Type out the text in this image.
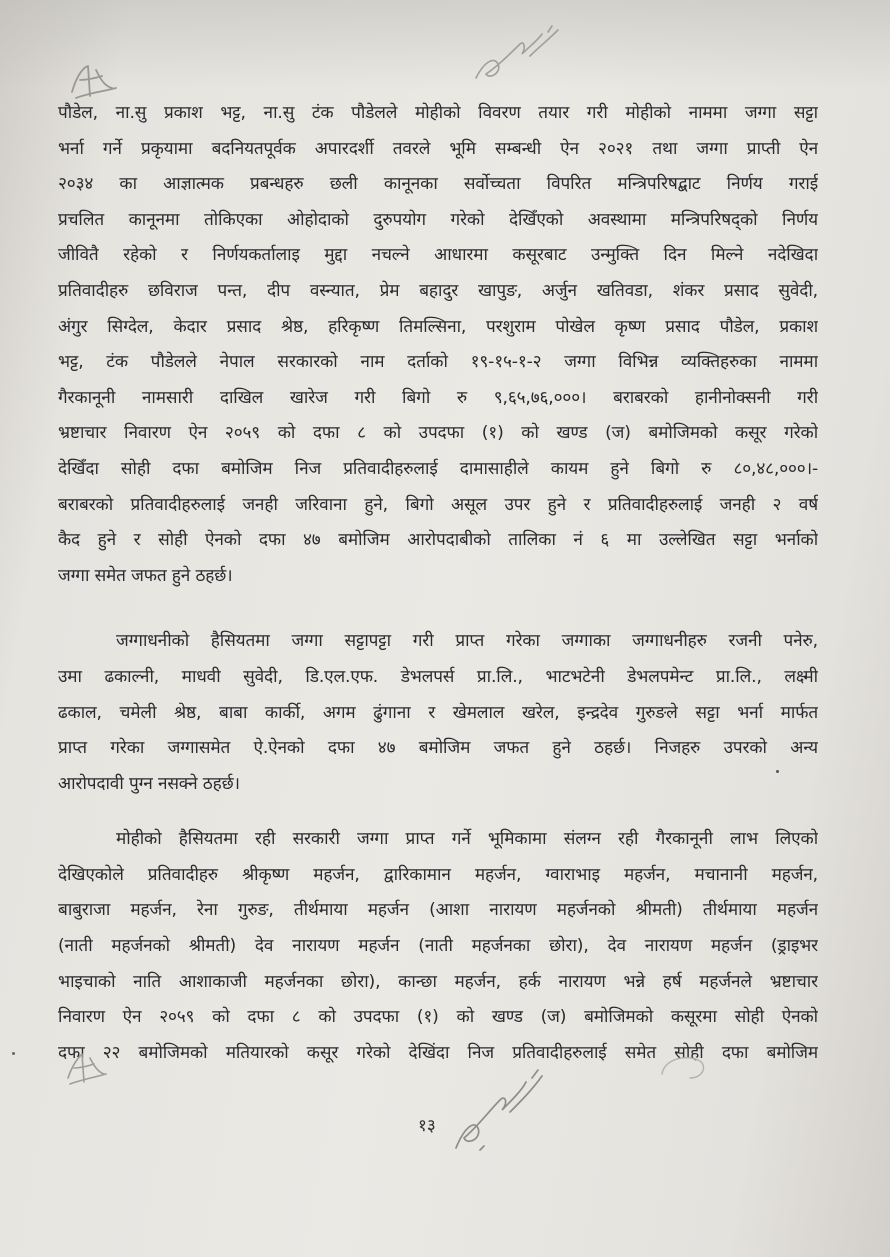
पौडेल, ना.सु प्रकाश भट्ट, ना.सु टंक पौडेलले मोहीको विवरण तयार गरी मोहीको नाममा जग्गा सट्टा
भर्ना गर्ने प्रकृयामा बदनियतपूर्वक अपारदर्शी तवरले भूमि सम्बन्धी ऐन २०२१ तथा जग्गा प्राप्ती ऐन
२०३४ का आज्ञात्मक प्रबन्धहरु छली कानूनका सर्वोच्चता विपरित मन्त्रिपरिषद्बाट निर्णय गराई
प्रचलित कानूनमा तोकिएका ओहोदाको दुरुपयोग गरेको देखिँएको अवस्थामा मन्त्रिपरिषद्को निर्णय
जीवितै रहेको र निर्णयकर्तालाइ मुद्दा नचल्ने आधारमा कसूरबाट उन्मुक्ति दिन मिल्ने नदेखिदा
प्रतिवादीहरु छविराज पन्त, दीप वस्न्यात, प्रेम बहादुर खापुङ, अर्जुन खतिवडा, शंकर प्रसाद सुवेदी,
अंगुर सिग्देल, केदार प्रसाद श्रेष्ठ, हरिकृष्ण तिमल्सिना, परशुराम पोखेल कृष्ण प्रसाद पौडेल, प्रकाश
भट्ट, टंक पौडेलले नेपाल सरकारको नाम दर्ताको १९-१५-१-२ जग्गा विभिन्न व्यक्तिहरुका नाममा
गैरकानूनी नामसारी दाखिल खारेज गरी बिगो रु ९,६५,७६,०००। बराबरको हानीनोक्सनी गरी
भ्रष्टाचार निवारण ऐन २०५९ को दफा ८ को उपदफा (१) को खण्ड (ज) बमोजिमको कसूर गरेको
देखिँदा सोही दफा बमोजिम निज प्रतिवादीहरुलाई दामासाहीले कायम हुने बिगो रु ८०,४८,०००।-
बराबरको प्रतिवादीहरुलाई जनही जरिवाना हुने, बिगो असूल उपर हुने र प्रतिवादीहरुलाई जनही २ वर्ष
कैद हुने र सोही ऐनको दफा ४७ बमोजिम आरोपदाबीको तालिका नं ६ मा उल्लेखित सट्टा भर्नाको
जग्गा समेत जफत हुने ठहर्छ।
जग्गाधनीको हैसियतमा जग्गा सट्टापट्टा गरी प्राप्त गरेका जग्गाका जग्गाधनीहरु रजनी पनेरु,
उमा ढकाल्नी, माधवी सुवेदी, डि.एल.एफ. डेभलपर्स प्रा.लि., भाटभटेनी डेभलपमेन्ट प्रा.लि., लक्ष्मी
ढकाल, चमेली श्रेष्ठ, बाबा कार्की, अगम ढुंगाना र खेमलाल खरेल, इन्द्रदेव गुरुङले सट्टा भर्ना मार्फत
प्राप्त गरेका जग्गासमेत ऐ.ऐनको दफा ४७ बमोजिम जफत हुने ठहर्छ। निजहरु उपरको अन्य
आरोपदावी पुग्न नसक्ने ठहर्छ।
मोहीको हैसियतमा रही सरकारी जग्गा प्राप्त गर्ने भूमिकामा संलग्न रही गैरकानूनी लाभ लिएको
देखिएकोले प्रतिवादीहरु श्रीकृष्ण महर्जन, द्वारिकामान महर्जन, ग्वाराभाइ महर्जन, मचानानी महर्जन,
बाबुराजा महर्जन, रेना गुरुङ, तीर्थमाया महर्जन (आशा नारायण महर्जनको श्रीमती) तीर्थमाया महर्जन
(नाती महर्जनको श्रीमती) देव नारायण महर्जन (नाती महर्जनका छोरा), देव नारायण महर्जन (ड्राइभर
भाइचाको नाति आशाकाजी महर्जनका छोरा), कान्छा महर्जन, हर्क नारायण भन्ने हर्ष महर्जनले भ्रष्टाचार
निवारण ऐन २०५९ को दफा ८ को उपदफा (१) को खण्ड (ज) बमोजिमको कसूरमा सोही ऐनको
दफा २२ बमोजिमको मतियारको कसूर गरेको देखिंदा निज प्रतिवादीहरुलाई समेत सोही दफा बमोजिम
१३
